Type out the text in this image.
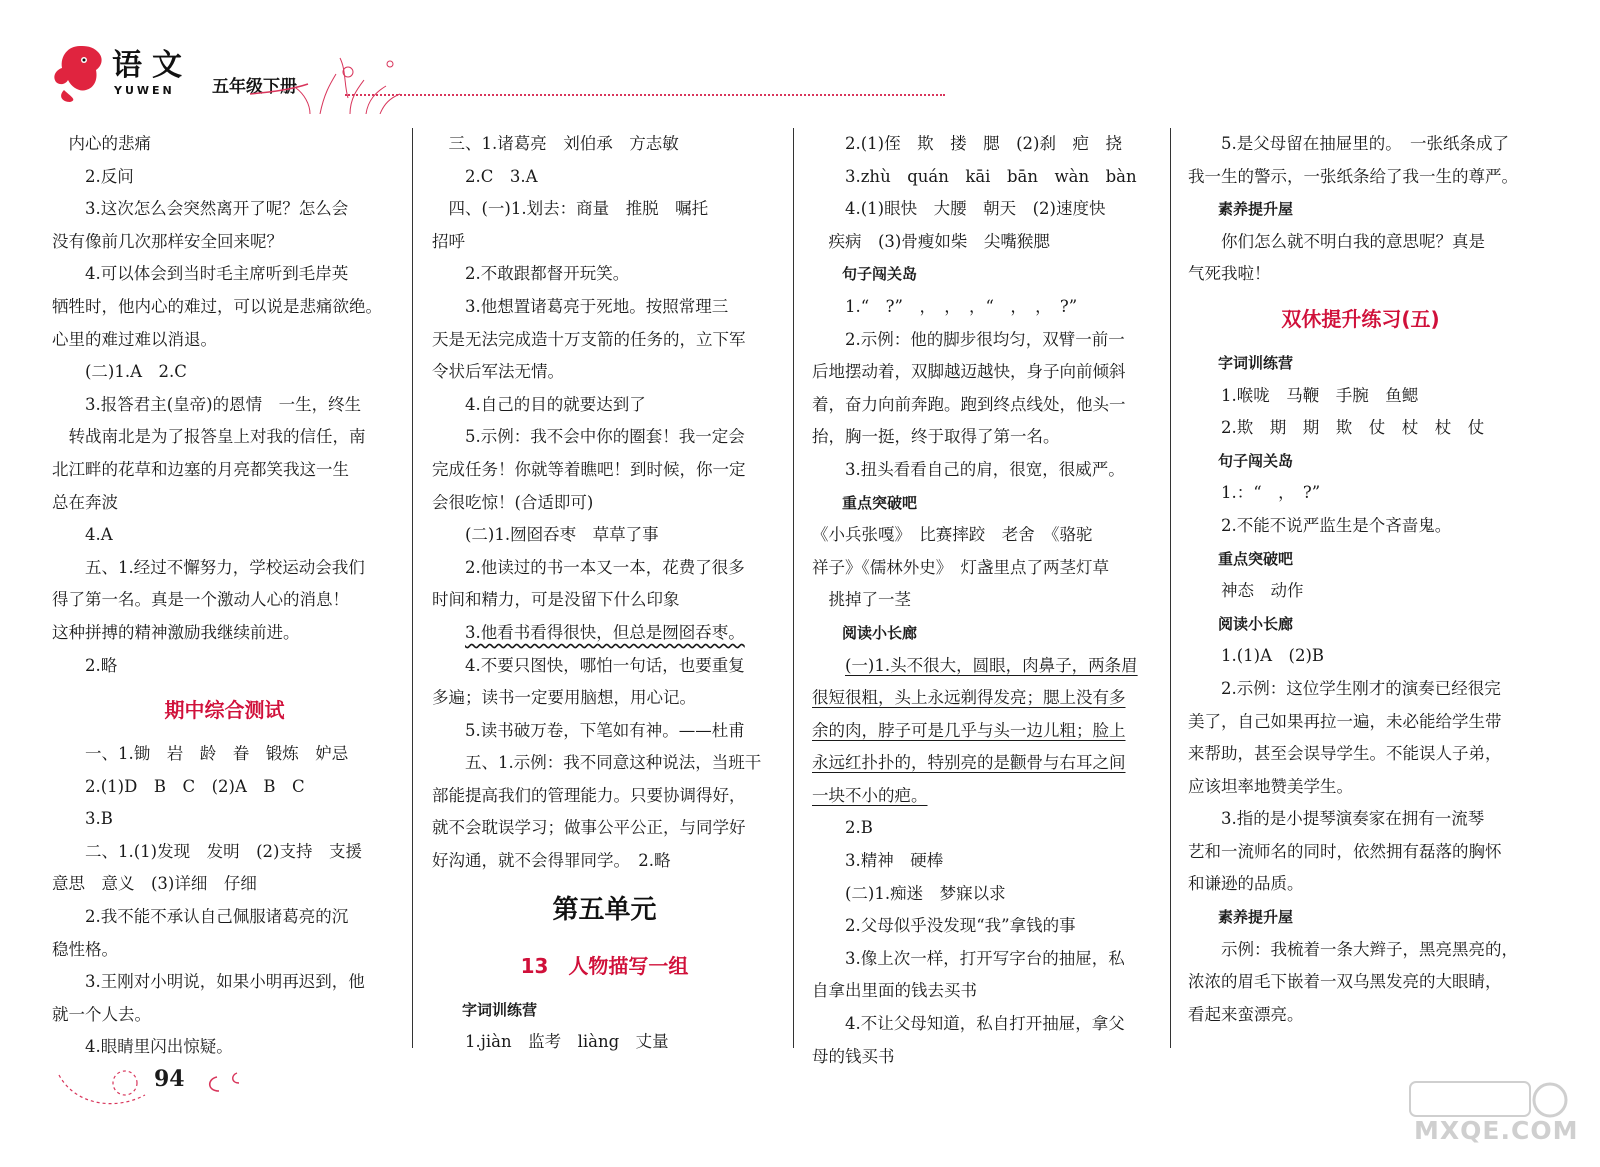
语文
YUWEN 五年级下册

内心的悲痛

2.反问

3.这次怎么会突然离开了呢？怎么会

没有像前几次那样安全回来呢？

4.可以体会到当时毛主席听到毛岸英

牺牲时，他内心的难过，可以说是悲痛欲绝。

心里的难过难以消退。

(二)1.A　2.C

3.报答君主(皇帝)的恩情　一生，终生

转战南北是为了报答皇上对我的信任，南

北江畔的花草和边塞的月亮都笑我这一生

总在奔波

4.A

五、1.经过不懈努力，学校运动会我们

得了第一名。真是一个激动人心的消息！

这种拼搏的精神激励我继续前进。

2.略

期中综合测试

一、1.锄　岩　龄　眷　锻炼　妒忌

2.(1)D　B　C　(2)A　B　C

3.B

二、1.(1)发现　发明　(2)支持　支援

意思　意义　(3)详细　仔细

2.我不能不承认自己佩服诸葛亮的沉

稳性格。

3.王刚对小明说，如果小明再迟到，他

就一个人去。

4.眼睛里闪出惊疑。

三、1.诸葛亮　刘伯承　方志敏

2.C　3.A

四、(一)1.划去：商量　推脱　嘱托

招呼

2.不敢跟都督开玩笑。

3.他想置诸葛亮于死地。按照常理三

天是无法完成造十万支箭的任务的，立下军

令状后军法无情。

4.自己的目的就要达到了

5.示例：我不会中你的圈套！我一定会

完成任务！你就等着瞧吧！到时候，你一定

会很吃惊！(合适即可)

(二)1.囫囵吞枣　草草了事

2.他读过的书一本又一本，花费了很多

时间和精力，可是没留下什么印象

3.他看书看得很快，但总是囫囵吞枣。

4.不要只图快，哪怕一句话，也要重复

多遍；读书一定要用脑想，用心记。

5.读书破万卷，下笔如有神。——杜甫

五、1.示例：我不同意这种说法，当班干

部能提高我们的管理能力。只要协调得好，

就不会耽误学习；做事公平公正，与同学好

好沟通，就不会得罪同学。　2.略

第五单元

13　人物描写一组

字词训练营

1.jiàn　监考　liàng　丈量

2.(1)侄　欺　搂　腮　(2)刹　疤　挠

3.zhù　quán　kāi　bān　wàn　bàn

4.(1)眼快　大腰　朝天　(2)速度快

疾病　(3)骨瘦如柴　尖嘴猴腮

句子闯关岛

1.“　?”　，　，　，“　，　，　?”

2.示例：他的脚步很均匀，双臂一前一

后地摆动着，双脚越迈越快，身子向前倾斜

着，奋力向前奔跑。跑到终点线处，他头一

抬，胸一挺，终于取得了第一名。

3.扭头看看自己的肩，很宽，很威严。

重点突破吧

《小兵张嘎》　比赛摔跤　老舍　《骆驼

祥子》《儒林外史》　灯盏里点了两茎灯草

挑掉了一茎

阅读小长廊

(一)1.头不很大，圆眼，肉鼻子，两条眉

很短很粗，头上永远剃得发亮；腮上没有多

余的肉，脖子可是几乎与头一边儿粗；脸上

永远红扑扑的，特别亮的是颧骨与右耳之间

一块不小的疤。

2.B

3.精神　硬棒

(二)1.痴迷　梦寐以求

2.父母似乎没发现“我”拿钱的事

3.像上次一样，打开写字台的抽屉，私

自拿出里面的钱去买书

4.不让父母知道，私自打开抽屉，拿父

母的钱买书

5.是父母留在抽屉里的。　一张纸条成了

我一生的警示，一张纸条给了我一生的尊严。

素养提升屋

你们怎么就不明白我的意思呢？真是

气死我啦！

双休提升练习(五)

字词训练营

1.喉咙　马鞭　手腕　鱼鳃

2.欺　期　期　欺　仗　杖　杖　仗

句子闯关岛

1.：“　，　?”

2.不能不说严监生是个吝啬鬼。

重点突破吧

神态　动作

阅读小长廊

1.(1)A　(2)B

2.示例：这位学生刚才的演奏已经很完

美了，自己如果再拉一遍，未必能给学生带

来帮助，甚至会误导学生。不能误人子弟，

应该坦率地赞美学生。

3.指的是小提琴演奏家在拥有一流琴

艺和一流师名的同时，依然拥有磊落的胸怀

和谦逊的品质。

素养提升屋

示例：我梳着一条大辫子，黑亮黑亮的，

浓浓的眉毛下嵌着一双乌黑发亮的大眼睛，

看起来蛮漂亮。

94
MXQE.COM
